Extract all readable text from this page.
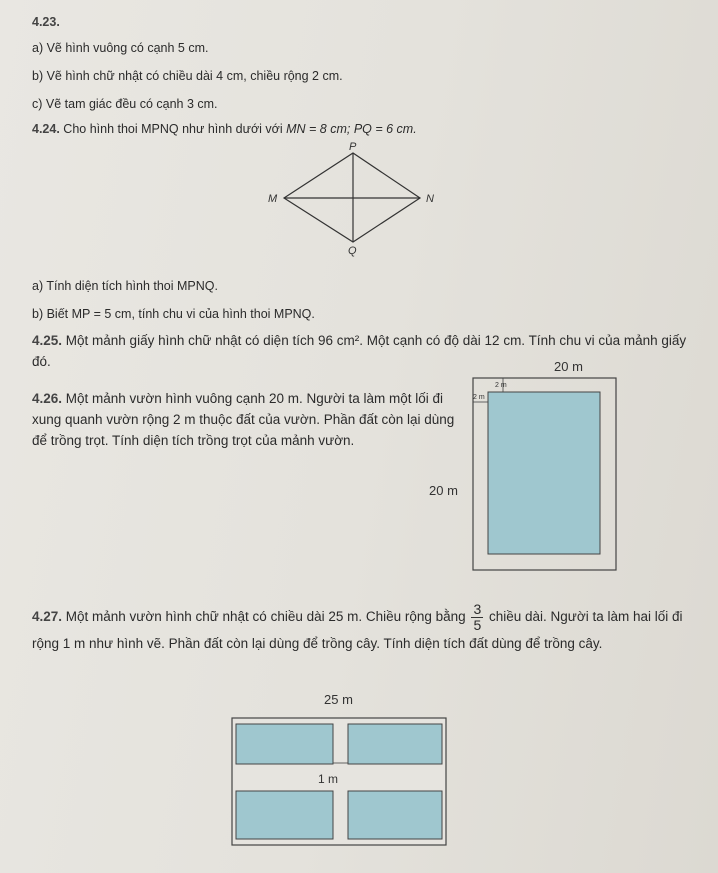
4.23.
a) Vẽ hình vuông có cạnh 5 cm.
b) Vẽ hình chữ nhật có chiều dài 4 cm, chiều rộng 2 cm.
c) Vẽ tam giác đều có cạnh 3 cm.
4.24. Cho hình thoi MPNQ như hình dưới với MN = 8 cm; PQ = 6 cm.
P
M	N
Q
a) Tính diện tích hình thoi MPNQ.
b) Biết MP = 5 cm, tính chu vi của hình thoi MPNQ.
4.25. Một mảnh giấy hình chữ nhật có diện tích 96 cm². Một cạnh có độ dài 12 cm. Tính chu vi của mảnh giấy đó.
4.26. Một mảnh vườn hình vuông cạnh 20 m. Người ta làm một lối đi xung quanh vườn rộng 2 m thuộc đất của vườn. Phần đất còn lại dùng để trồng trọt. Tính diện tích trồng trọt của mảnh vườn.
20 m
2 m
2 m
20 m
4.27. Một mảnh vườn hình chữ nhật có chiều dài 25 m. Chiều rộng bằng $\frac{3}{5}$ chiều dài. Người ta làm hai lối đi rộng 1 m như hình vẽ. Phần đất còn lại dùng để trồng cây. Tính diện tích đất dùng để trồng cây.
25 m
1 m
